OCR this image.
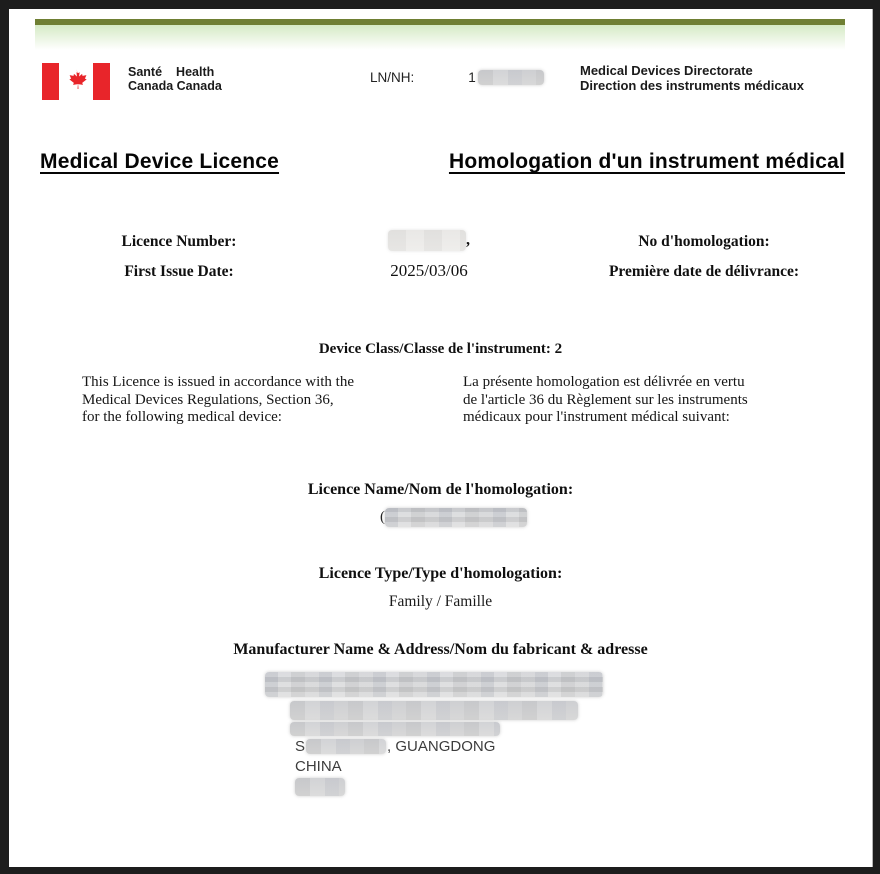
Santé Health
Canada Canada
LN/NH:	1	Medical Devices Directorate
Direction des instruments médicaux
Medical Device Licence	Homologation d'un instrument médical
Licence Number:	,	No d'homologation:
First Issue Date:	2025/03/06	Première date de délivrance:
Device Class/Classe de l'instrument: 2
This Licence is issued in accordance with the
Medical Devices Regulations, Section 36,
for the following medical device:
La présente homologation est délivrée en vertu
de l'article 36 du Règlement sur les instruments
médicaux pour l'instrument médical suivant:
Licence Name/Nom de l'homologation:
(
Licence Type/Type d'homologation:
Family / Famille
Manufacturer Name & Address/Nom du fabricant & adresse
S	, GUANGDONG
CHINA
